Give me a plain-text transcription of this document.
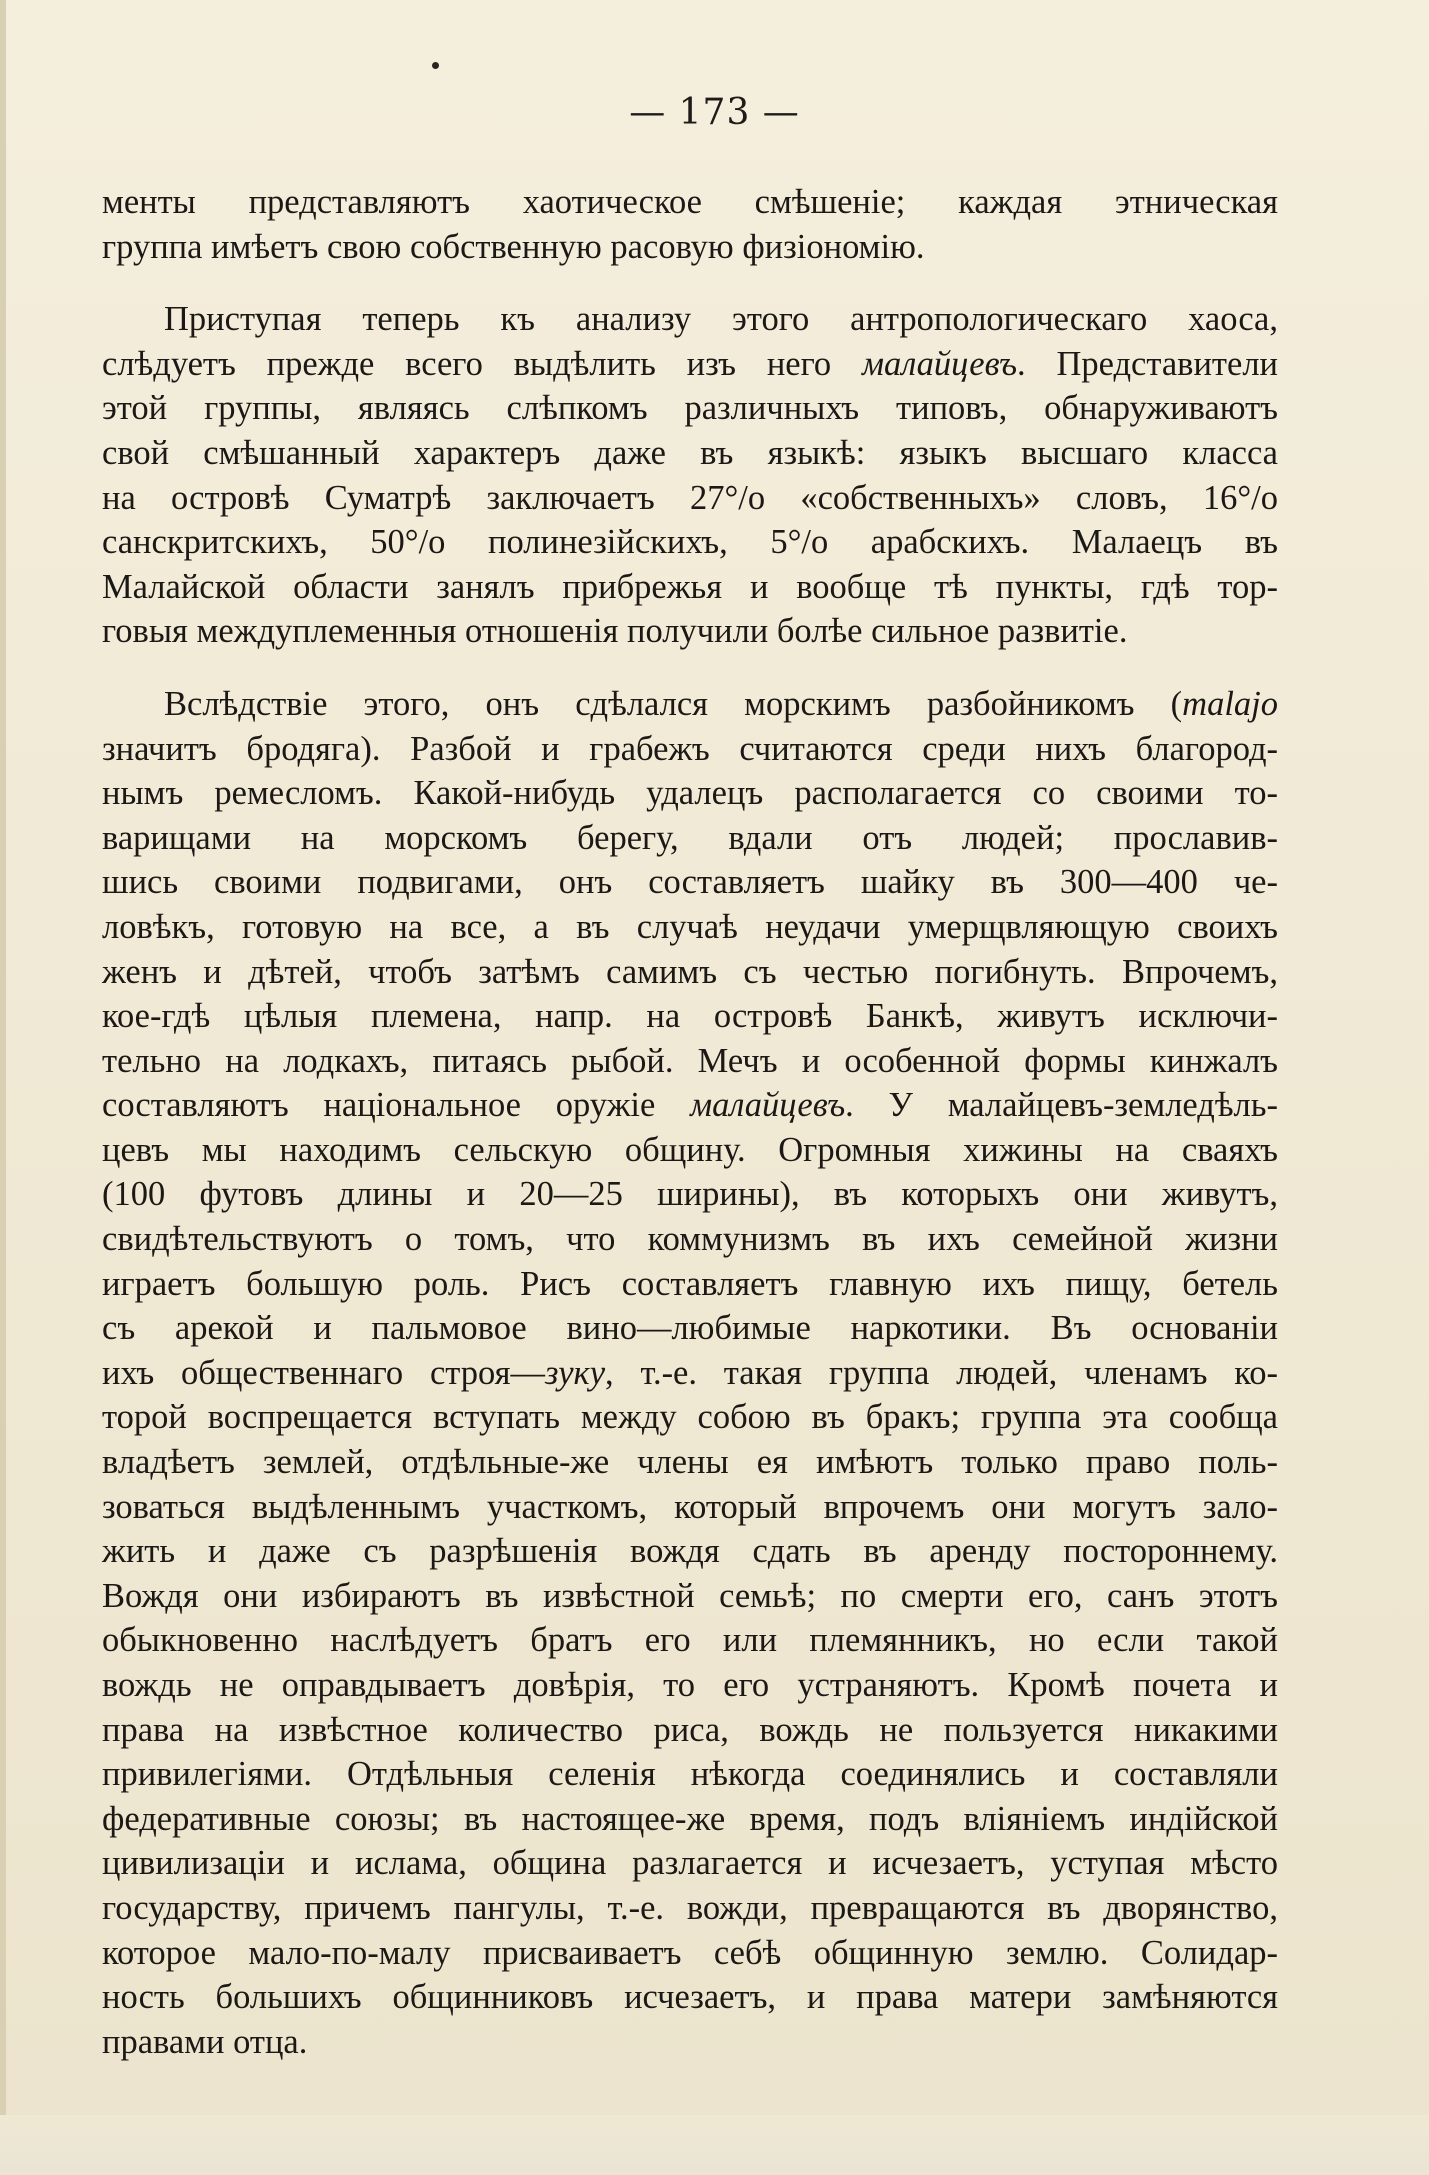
— 173 —

менты представляютъ хаотическое смѣшеніе; каждая этническая

группа имѣетъ свою собственную расовую физіономію.

Приступая теперь къ анализу этого антропологическаго хаоса,

слѣдуетъ прежде всего выдѣлить изъ него малайцевъ. Представители

этой группы, являясь слѣпкомъ различныхъ типовъ, обнаруживаютъ

свой смѣшанный характеръ даже въ языкѣ: языкъ высшаго класса

на островѣ Суматрѣ заключаетъ 27°/о «собственныхъ» словъ, 16°/о

санскритскихъ, 50°/о полинезійскихъ, 5°/о арабскихъ. Малаецъ въ

Малайской области занялъ прибрежья и вообще тѣ пункты, гдѣ тор-

говыя междуплеменныя отношенія получили болѣе сильное развитіе.

Вслѣдствіе этого, онъ сдѣлался морскимъ разбойникомъ (malajo

значитъ бродяга). Разбой и грабежъ считаются среди нихъ благород-

нымъ ремесломъ. Какой-нибудь удалецъ располагается со своими то-

варищами на морскомъ берегу, вдали отъ людей; прославив-

шись своими подвигами, онъ составляетъ шайку въ 300—400 че-

ловѣкъ, готовую на все, а въ случаѣ неудачи умерщвляющую своихъ

женъ и дѣтей, чтобъ затѣмъ самимъ съ честью погибнуть. Впрочемъ,

кое-гдѣ цѣлыя племена, напр. на островѣ Банкѣ, живутъ исключи-

тельно на лодкахъ, питаясь рыбой. Мечъ и особенной формы кинжалъ

составляютъ національное оружіе малайцевъ. У малайцевъ-земледѣль-

цевъ мы находимъ сельскую общину. Огромныя хижины на сваяхъ

(100 футовъ длины и 20—25 ширины), въ которыхъ они живутъ,

свидѣтельствуютъ о томъ, что коммунизмъ въ ихъ семейной жизни

играетъ большую роль. Рисъ составляетъ главную ихъ пищу, бетель

съ арекой и пальмовое вино—любимые наркотики. Въ основаніи

ихъ общественнаго строя—зуку, т.-е. такая группа людей, членамъ ко-

торой воспрещается вступать между собою въ бракъ; группа эта сообща

владѣетъ землей, отдѣльные-же члены ея имѣютъ только право поль-

зоваться выдѣленнымъ участкомъ, который впрочемъ они могутъ зало-

жить и даже съ разрѣшенія вождя сдать въ аренду постороннему.

Вождя они избираютъ въ извѣстной семьѣ; по смерти его, санъ этотъ

обыкновенно наслѣдуетъ братъ его или племянникъ, но если такой

вождь не оправдываетъ довѣрія, то его устраняютъ. Кромѣ почета и

права на извѣстное количество риса, вождь не пользуется никакими

привилегіями. Отдѣльныя селенія нѣкогда соединялись и составляли

федеративные союзы; въ настоящее-же время, подъ вліяніемъ индійской

цивилизаціи и ислама, община разлагается и исчезаетъ, уступая мѣсто

государству, причемъ пангулы, т.-е. вожди, превращаются въ дворянство,

которое мало-по-малу присваиваетъ себѣ общинную землю. Солидар-

ность большихъ общинниковъ исчезаетъ, и права матери замѣняются

правами отца.
